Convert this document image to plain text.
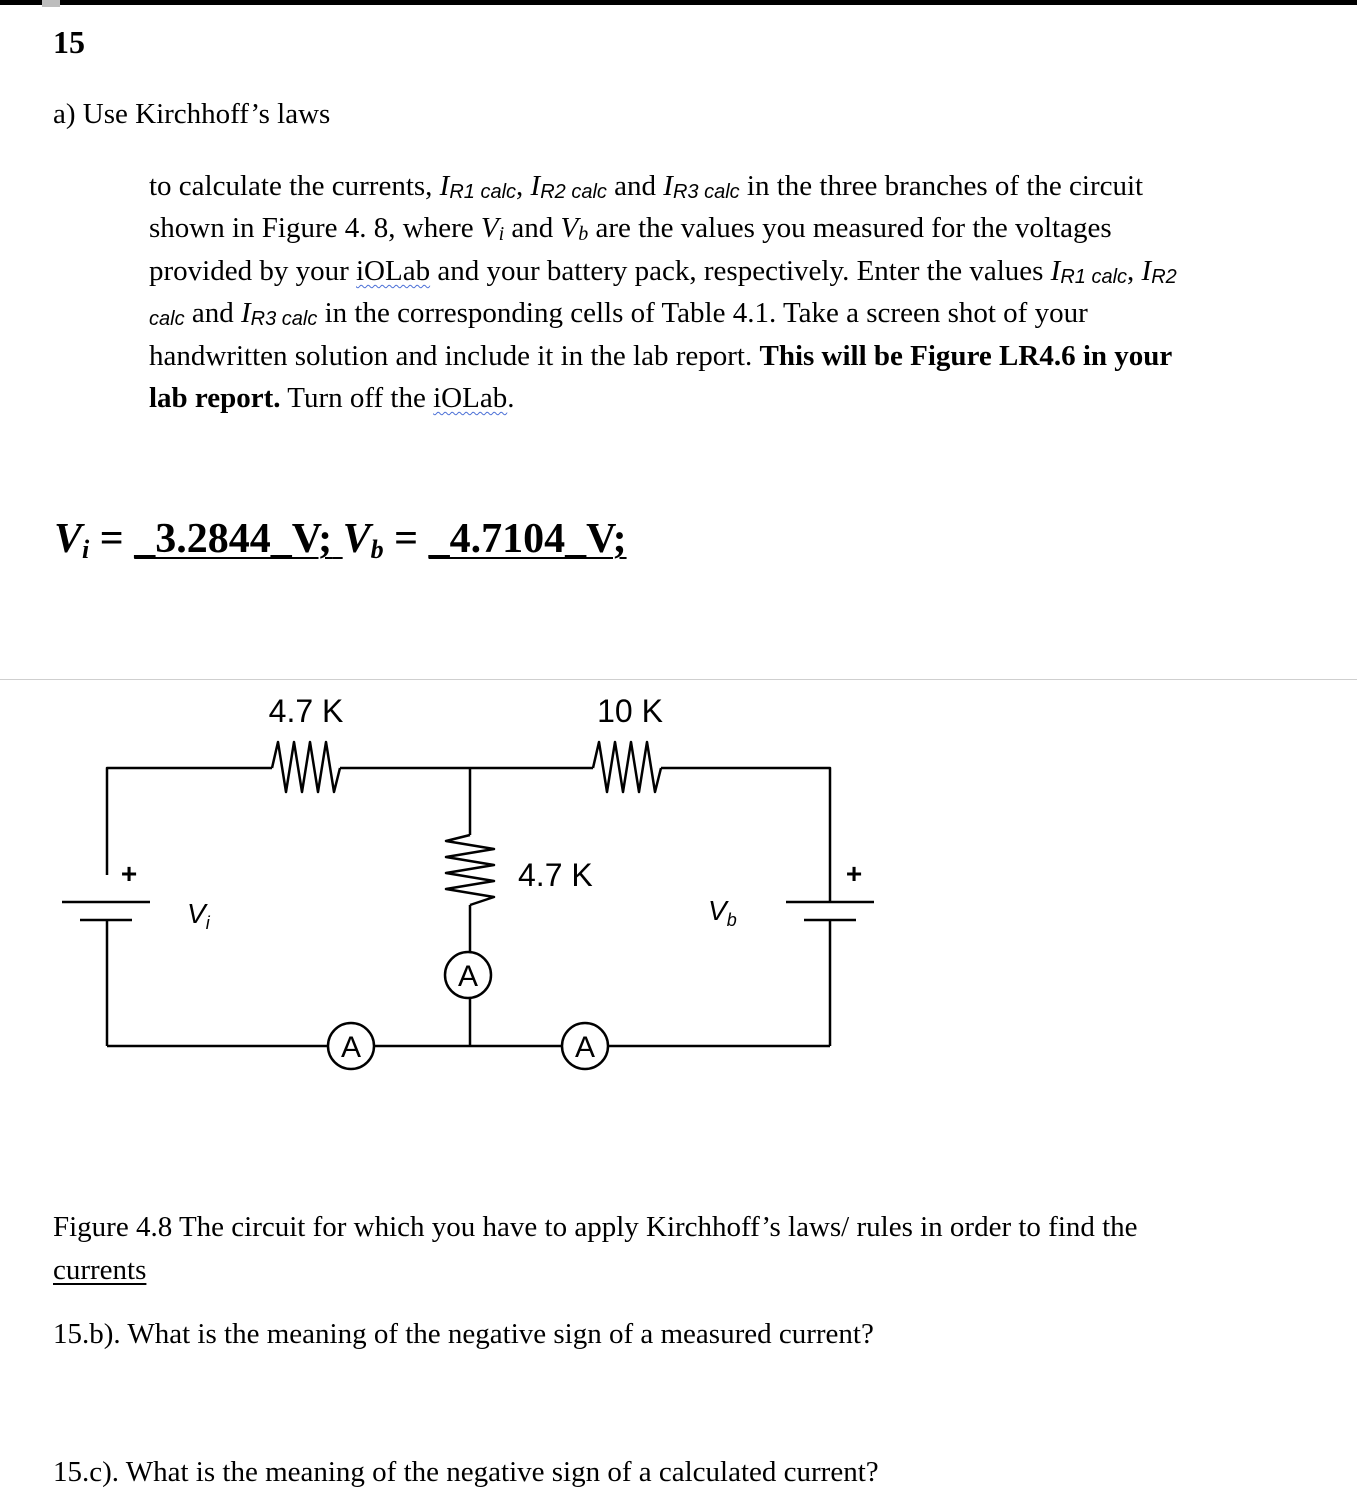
15
a) Use Kirchhoff’s laws
to calculate the currents, IR1 calc, IR2 calc and IR3 calc in the three branches of the circuit
shown in Figure 4. 8, where Vi and Vb are the values you measured for the voltages
provided by your iOLab and your battery pack, respectively. Enter the values IR1 calc, IR2
calc and IR3 calc in the corresponding cells of Table 4.1. Take a screen shot of your
handwritten solution and include it in the lab report. This will be Figure LR4.6 in your
lab report. Turn off the iOLab.
Vi = _3.2844_V; Vb = _4.7104_V;
4.7 K	10 K
4.7 K
+	+
$V_i$	$V_b$
A
A	A
Figure 4.8 The circuit for which you have to apply Kirchhoff’s laws/ rules in order to find the
currents
15.b). What is the meaning of the negative sign of a measured current?
15.c). What is the meaning of the negative sign of a calculated current?
